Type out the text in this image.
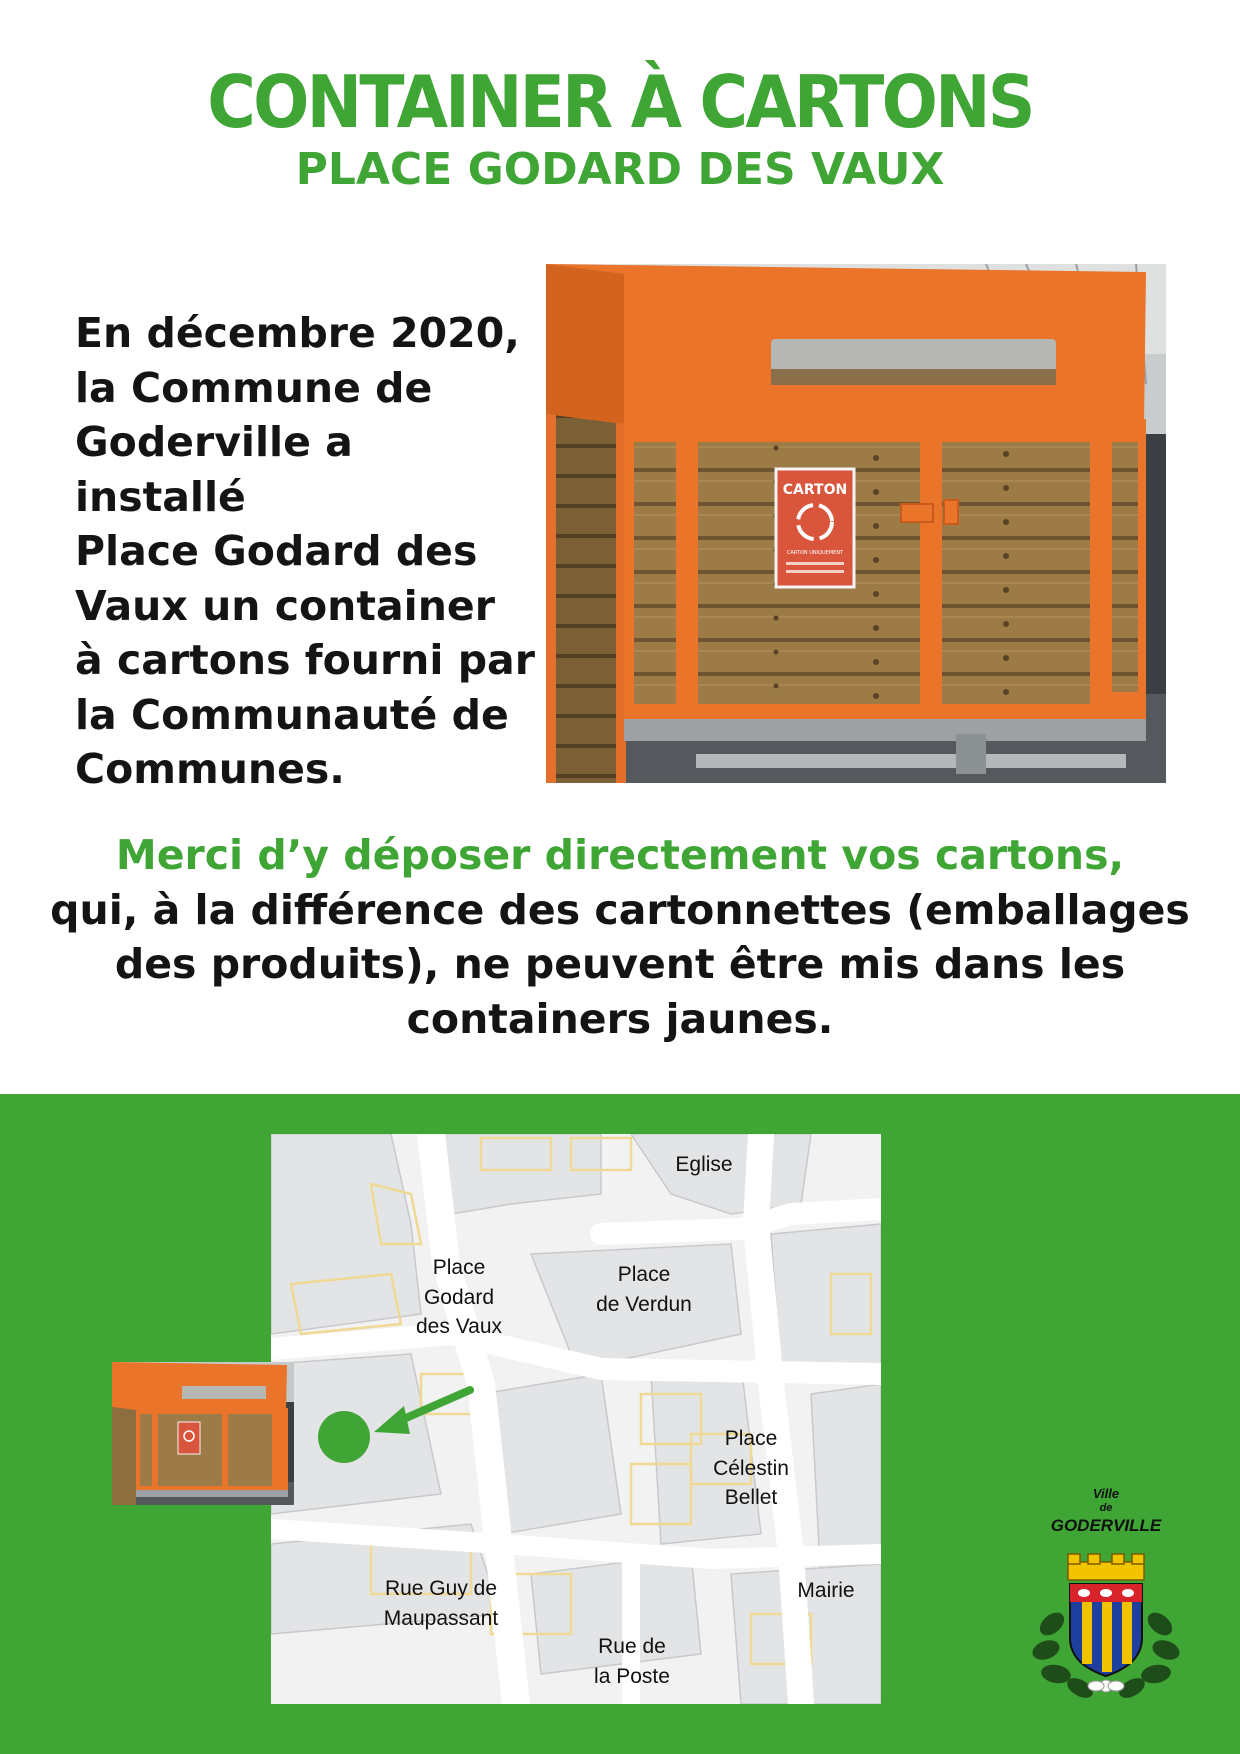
CONTAINER À CARTONS
PLACE GODARD DES VAUX
En décembre 2020,
la Commune de
Goderville a installé
Place Godard des
Vaux un container
à cartons fourni par
la Communauté de
Communes.
CARTON
CARTON UNIQUEMENT
Merci d’y déposer directement vos cartons,
qui, à la différence des cartonnettes (emballages
des produits), ne peuvent être mis dans les
containers jaunes.
Eglise
Place
Godard
des Vaux
Place
de Verdun
Place
Célestin
Bellet
Mairie
Rue Guy de
Maupassant
Rue de
la Poste
Ville
de
GODERVILLE
